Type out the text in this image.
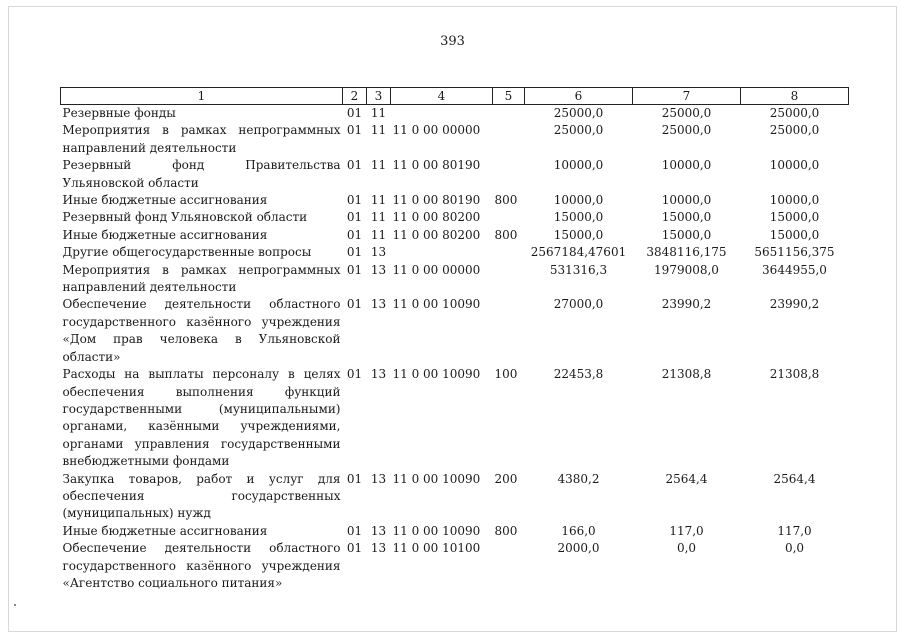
393
1	2	3	4	5	6	7	8
Резервные фонды	01	11			25000,0	25000,0	25000,0
Мероприятия в рамках непрограммных направлений деятельности	01	11	11 0 00 00000		25000,0	25000,0	25000,0
Резервный фонд Правительства Ульяновской области	01	11	11 0 00 80190		10000,0	10000,0	10000,0
Иные бюджетные ассигнования	01	11	11 0 00 80190	800	10000,0	10000,0	10000,0
Резервный фонд Ульяновской области	01	11	11 0 00 80200		15000,0	15000,0	15000,0
Иные бюджетные ассигнования	01	11	11 0 00 80200	800	15000,0	15000,0	15000,0
Другие общегосударственные вопросы	01	13			2567184,47601	3848116,175	5651156,375
Мероприятия в рамках непрограммных направлений деятельности	01	13	11 0 00 00000		531316,3	1979008,0	3644955,0
Обеспечение деятельности областного государственного казённого учреждения «Дом прав человека в Ульяновской области»	01	13	11 0 00 10090		27000,0	23990,2	23990,2
Расходы на выплаты персоналу в целях обеспечения выполнения функций государственными (муниципальными) органами, казёнными учреждениями, органами управления государственными внебюджетными фондами	01	13	11 0 00 10090	100	22453,8	21308,8	21308,8
Закупка товаров, работ и услуг для обеспечения государственных (муниципальных) нужд	01	13	11 0 00 10090	200	4380,2	2564,4	2564,4
Иные бюджетные ассигнования	01	13	11 0 00 10090	800	166,0	117,0	117,0
Обеспечение деятельности областного государственного казённого учреждения «Агентство социального питания»	01	13	11 0 00 10100		2000,0	0,0	0,0
